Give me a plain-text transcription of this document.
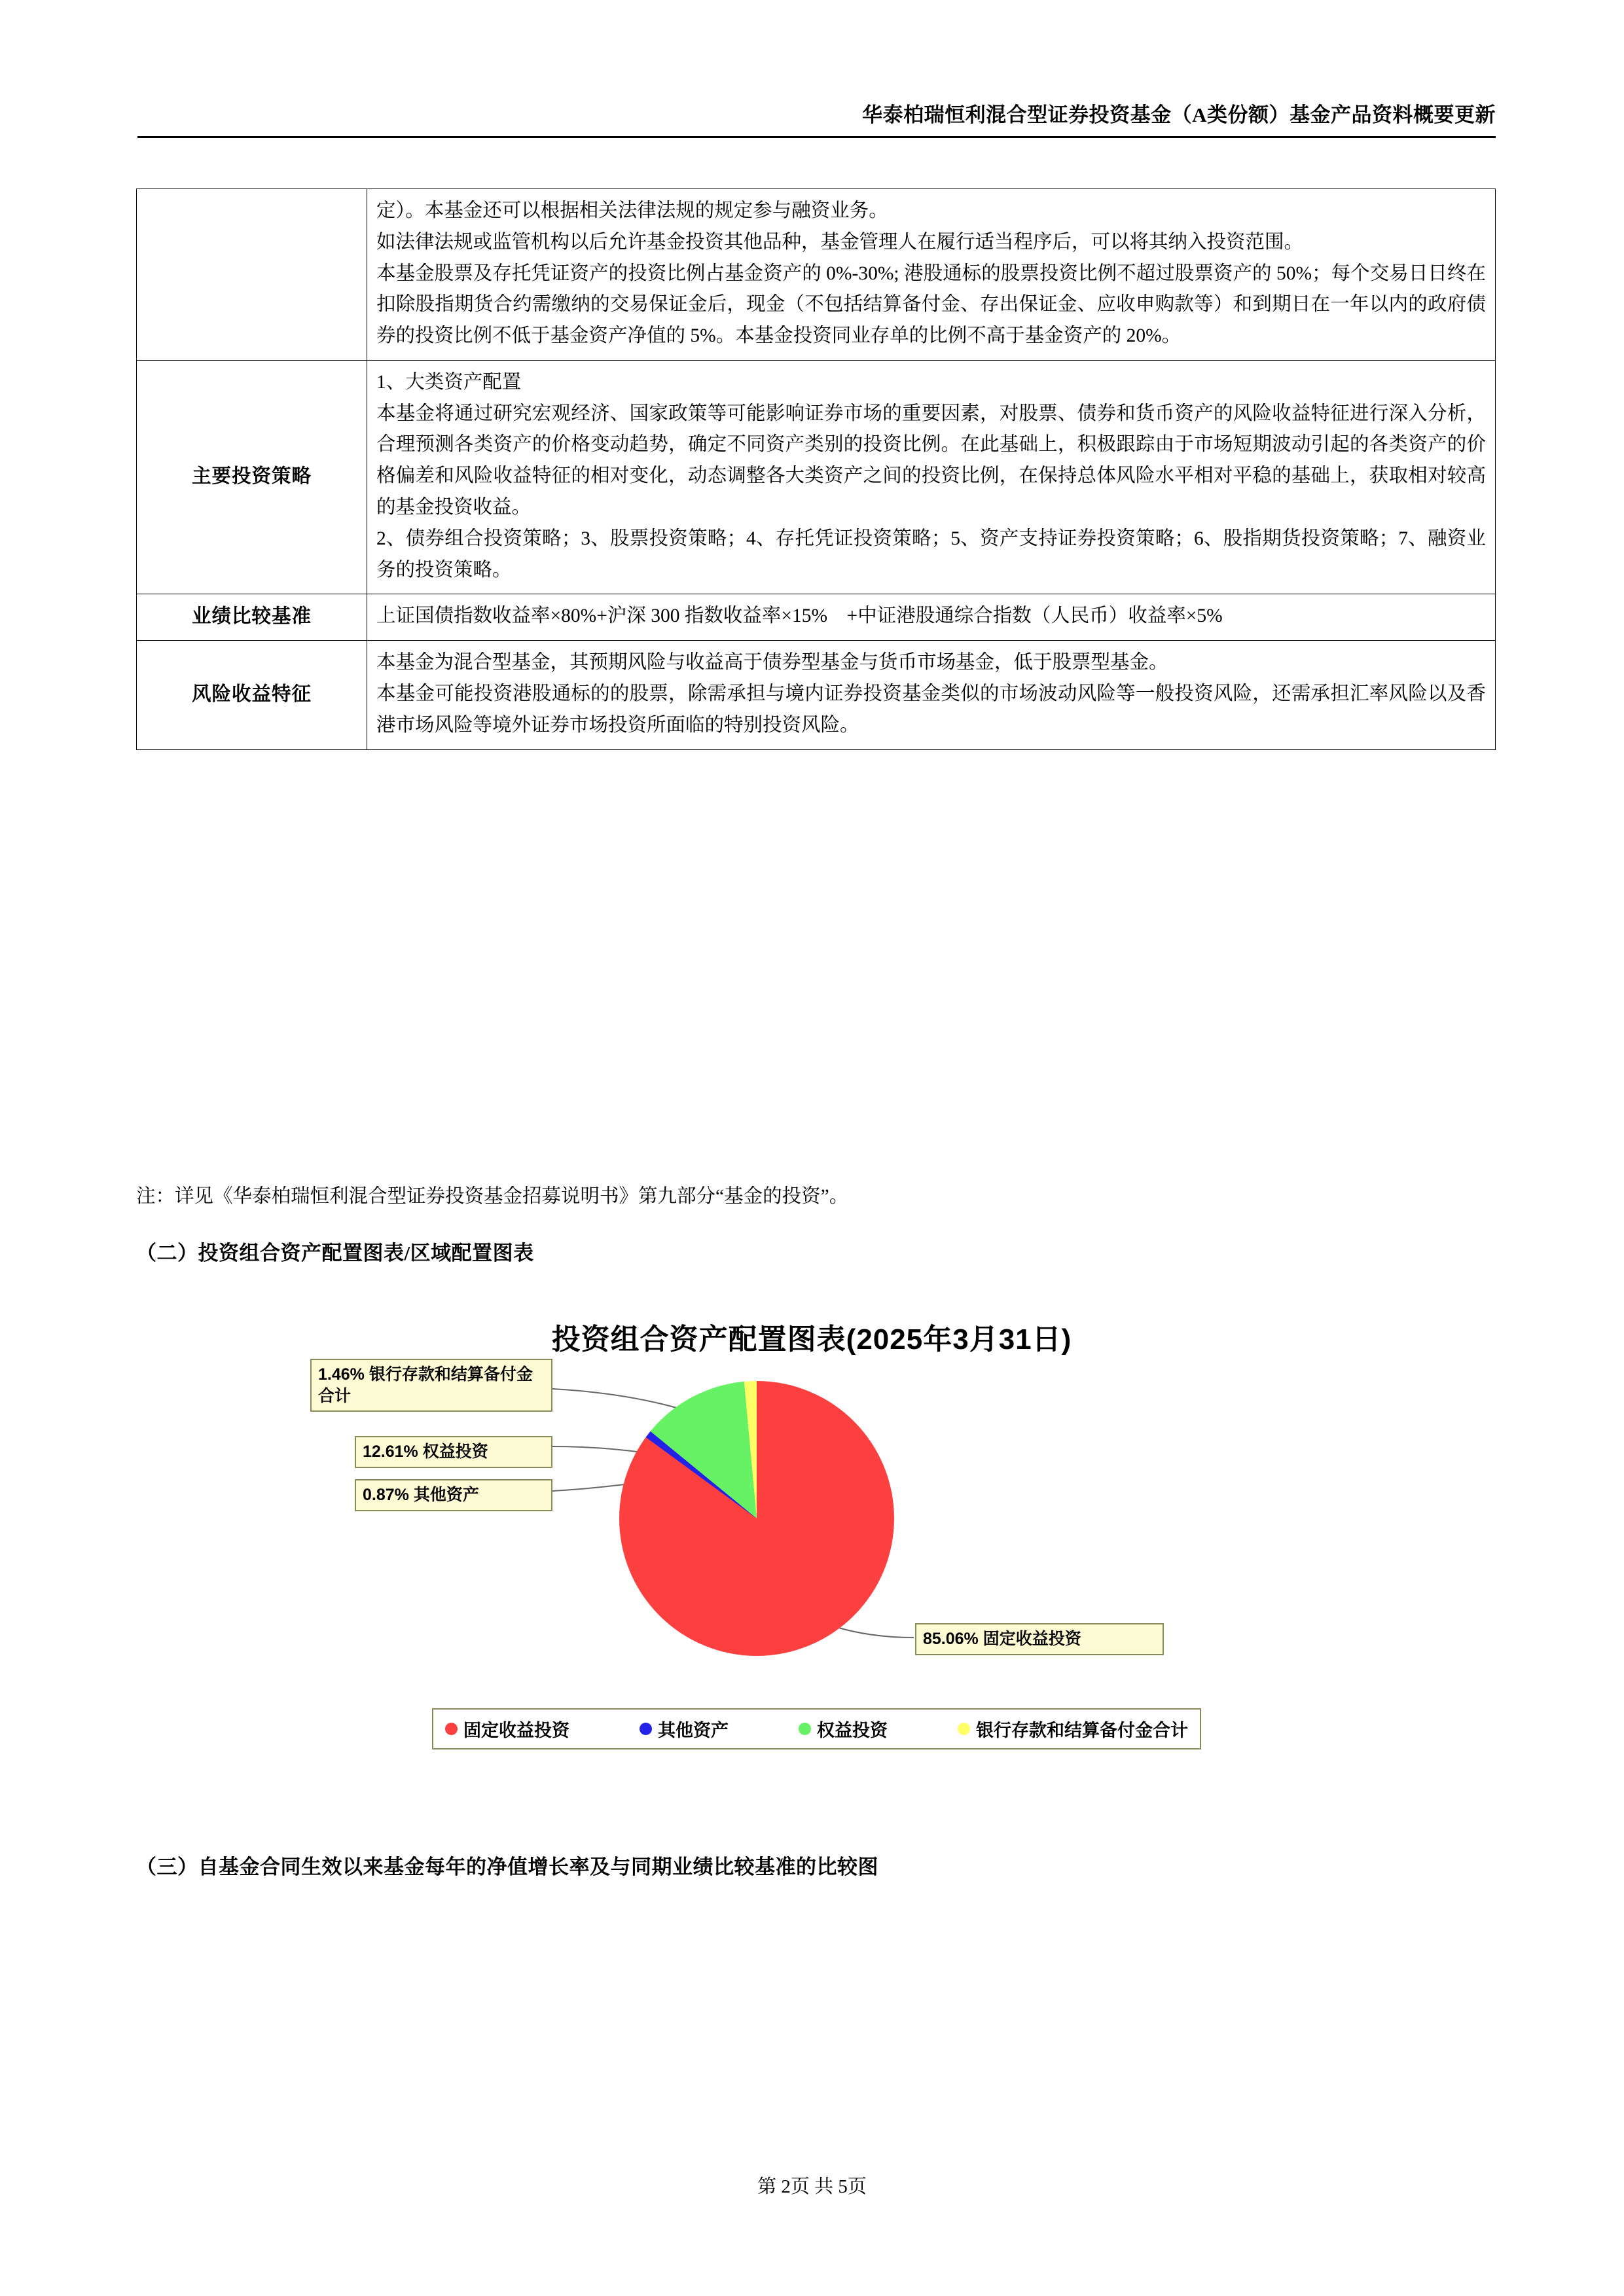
华泰柏瑞恒利混合型证券投资基金（A类份额）基金产品资料概要更新

	定）。本基金还可以根据相关法律法规的规定参与融资业务。

如法律法规或监管机构以后允许基金投资其他品种，基金管理人在履行适当程序后，可以将其纳入投资范围。

本基金股票及存托凭证资产的投资比例占基金资产的 0%-30%; 港股通标的股票投资比例不超过股票资产的 50%；每个交易日日终在扣除股指期货合约需缴纳的交易保证金后，现金（不包括结算备付金、存出保证金、应收申购款等）和到期日在一年以内的政府债券的投资比例不低于基金资产净值的 5%。本基金投资同业存单的比例不高于基金资产的 20%。

主要投资策略	1、大类资产配置

本基金将通过研究宏观经济、国家政策等可能影响证券市场的重要因素，对股票、债券和货币资产的风险收益特征进行深入分析，合理预测各类资产的价格变动趋势，确定不同资产类别的投资比例。在此基础上，积极跟踪由于市场短期波动引起的各类资产的价格偏差和风险收益特征的相对变化，动态调整各大类资产之间的投资比例，在保持总体风险水平相对平稳的基础上，获取相对较高的基金投资收益。

2、债券组合投资策略；3、股票投资策略；4、存托凭证投资策略；5、资产支持证券投资策略；6、股指期货投资策略；7、融资业务的投资策略。

业绩比较基准	上证国债指数收益率×80%+沪深 300 指数收益率×15%　+中证港股通综合指数（人民币）收益率×5%

风险收益特征	本基金为混合型基金，其预期风险与收益高于债券型基金与货币市场基金，低于股票型基金。

本基金可能投资港股通标的的股票，除需承担与境内证券投资基金类似的市场波动风险等一般投资风险，还需承担汇率风险以及香港市场风险等境外证券市场投资所面临的特别投资风险。

注：详见《华泰柏瑞恒利混合型证券投资基金招募说明书》第九部分“基金的投资”。
（二）投资组合资产配置图表/区域配置图表
投资组合资产配置图表(2025年3月31日)
1.46% 银行存款和结算备付金合计
12.61% 权益投资
0.87% 其他资产
85.06% 固定收益投资
固定收益投资	其他资产	权益投资	银行存款和结算备付金合计
（三）自基金合同生效以来基金每年的净值增长率及与同期业绩比较基准的比较图
第 2页 共 5页
